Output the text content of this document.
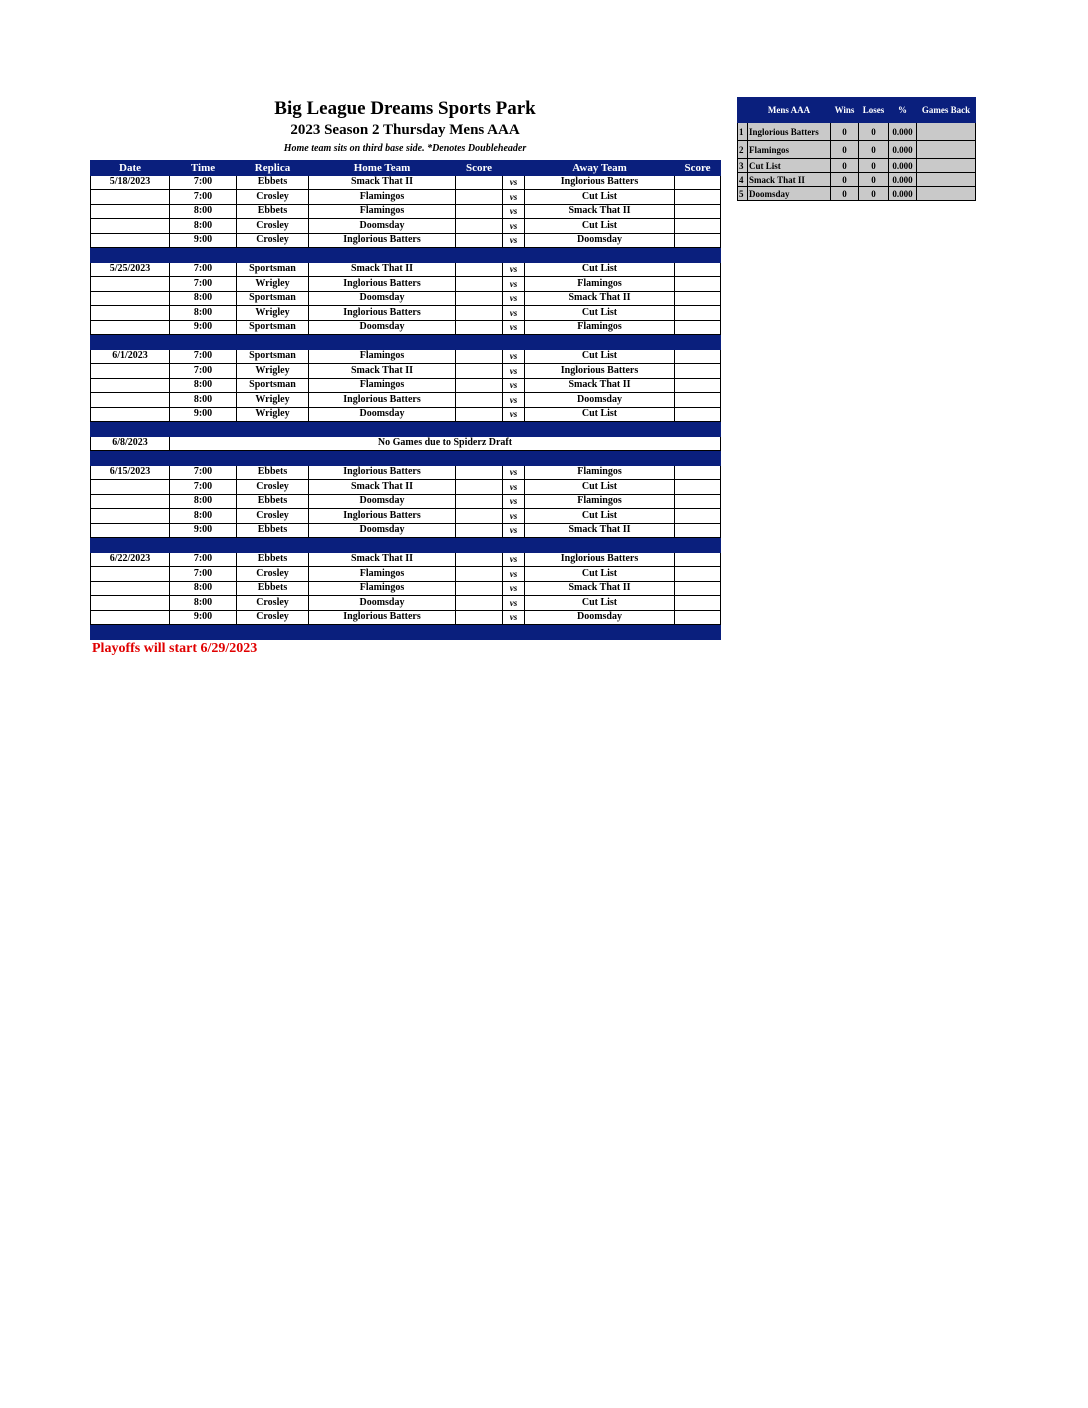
Big League Dreams Sports Park
2023 Season 2 Thursday Mens AAA
Home team sits on third base side. *Denotes Doubleheader
Date	Time	Replica	Home Team	Score		Away Team	Score
5/18/2023	7:00	Ebbets	Smack That II		vs	Inglorious Batters	
	7:00	Crosley	Flamingos		vs	Cut List	
	8:00	Ebbets	Flamingos		vs	Smack That II	
	8:00	Crosley	Doomsday		vs	Cut List	
	9:00	Crosley	Inglorious Batters		vs	Doomsday	

5/25/2023	7:00	Sportsman	Smack That II		vs	Cut List	
	7:00	Wrigley	Inglorious Batters		vs	Flamingos	
	8:00	Sportsman	Doomsday		vs	Smack That II	
	8:00	Wrigley	Inglorious Batters		vs	Cut List	
	9:00	Sportsman	Doomsday		vs	Flamingos	

6/1/2023	7:00	Sportsman	Flamingos		vs	Cut List	
	7:00	Wrigley	Smack That II		vs	Inglorious Batters	
	8:00	Sportsman	Flamingos		vs	Smack That II	
	8:00	Wrigley	Inglorious Batters		vs	Doomsday	
	9:00	Wrigley	Doomsday		vs	Cut List	

6/8/2023	No Games due to Spiderz Draft						

6/15/2023	7:00	Ebbets	Inglorious Batters		vs	Flamingos	
	7:00	Crosley	Smack That II		vs	Cut List	
	8:00	Ebbets	Doomsday		vs	Flamingos	
	8:00	Crosley	Inglorious Batters		vs	Cut List	
	9:00	Ebbets	Doomsday		vs	Smack That II	

6/22/2023	7:00	Ebbets	Smack That II		vs	Inglorious Batters	
	7:00	Crosley	Flamingos		vs	Cut List	
	8:00	Ebbets	Flamingos		vs	Smack That II	
	8:00	Crosley	Doomsday		vs	Cut List	
	9:00	Crosley	Inglorious Batters		vs	Doomsday	

	Mens AAA	Wins	Loses	%	Games Back
1	Inglorious Batters	0	0	0.000	
2	Flamingos	0	0	0.000	
3	Cut List	0	0	0.000	
4	Smack That II	0	0	0.000	
5	Doomsday	0	0	0.000	
Playoffs will start 6/29/2023
